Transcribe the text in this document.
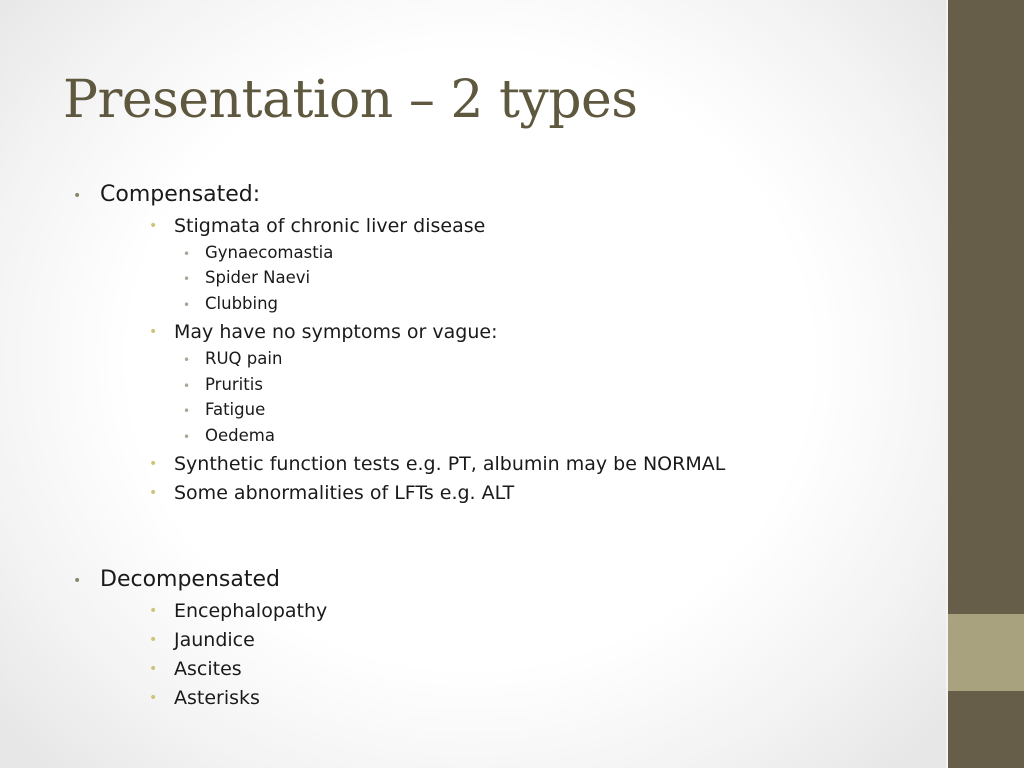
Presentation – 2 types
• Compensated:
• Stigmata of chronic liver disease
• Gynaecomastia
• Spider Naevi
• Clubbing
• May have no symptoms or vague:
• RUQ pain
• Pruritis
• Fatigue
• Oedema
• Synthetic function tests e.g. PT, albumin may be NORMAL
• Some abnormalities of LFTs e.g. ALT
• Decompensated
• Encephalopathy
• Jaundice
• Ascites
• Asterisks
